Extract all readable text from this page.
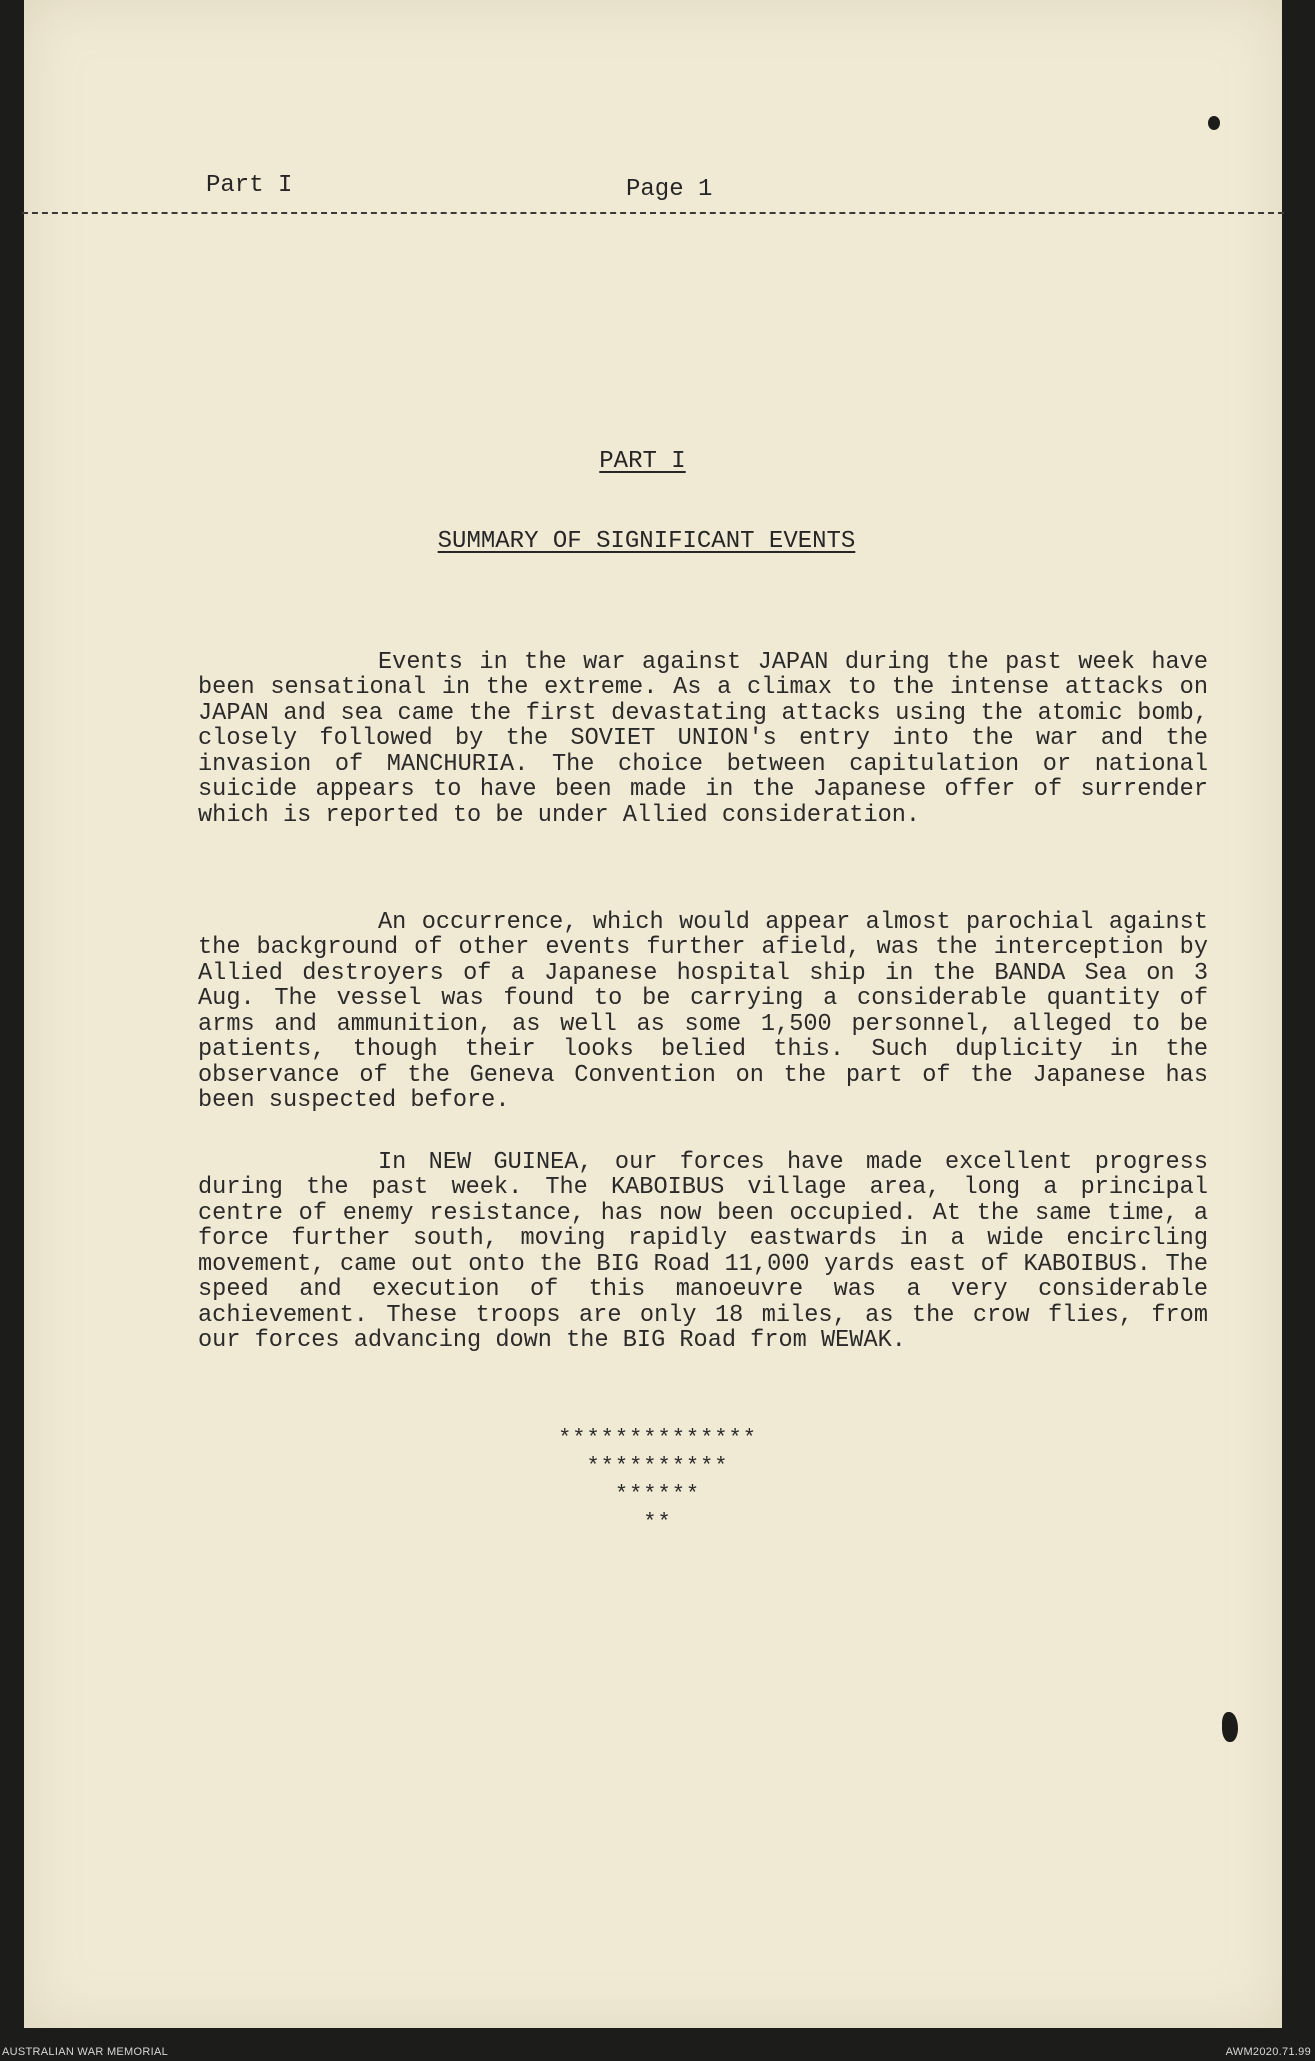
Part I	Page 1
PART I
SUMMARY OF SIGNIFICANT EVENTS

Events in the war against JAPAN during the past week have been sensational in the extreme. As a climax to the intense attacks on JAPAN and sea came the first devastating attacks using the atomic bomb, closely followed by the SOVIET UNION's entry into the war and the invasion of MANCHURIA. The choice between capitulation or national suicide appears to have been made in the Japanese offer of surrender which is reported to be under Allied consideration.

An occurrence, which would appear almost parochial against the background of other events further afield, was the interception by Allied destroyers of a Japanese hospital ship in the BANDA Sea on 3 Aug. The vessel was found to be carrying a considerable quantity of arms and ammunition, as well as some 1,500 personnel, alleged to be patients, though their looks belied this. Such duplicity in the observance of the Geneva Convention on the part of the Japanese has been suspected before.

In NEW GUINEA, our forces have made excellent progress during the past week. The KABOIBUS village area, long a principal centre of enemy resistance, has now been occupied. At the same time, a force further south, moving rapidly eastwards in a wide encircling movement, came out onto the BIG Road 11,000 yards east of KABOIBUS. The speed and execution of this manoeuvre was a very considerable achievement. These troops are only 18 miles, as the crow flies, from our forces advancing down the BIG Road from WEWAK.

**************
**********
******
**
AUSTRALIAN WAR MEMORIAL	AWM2020.71.99
